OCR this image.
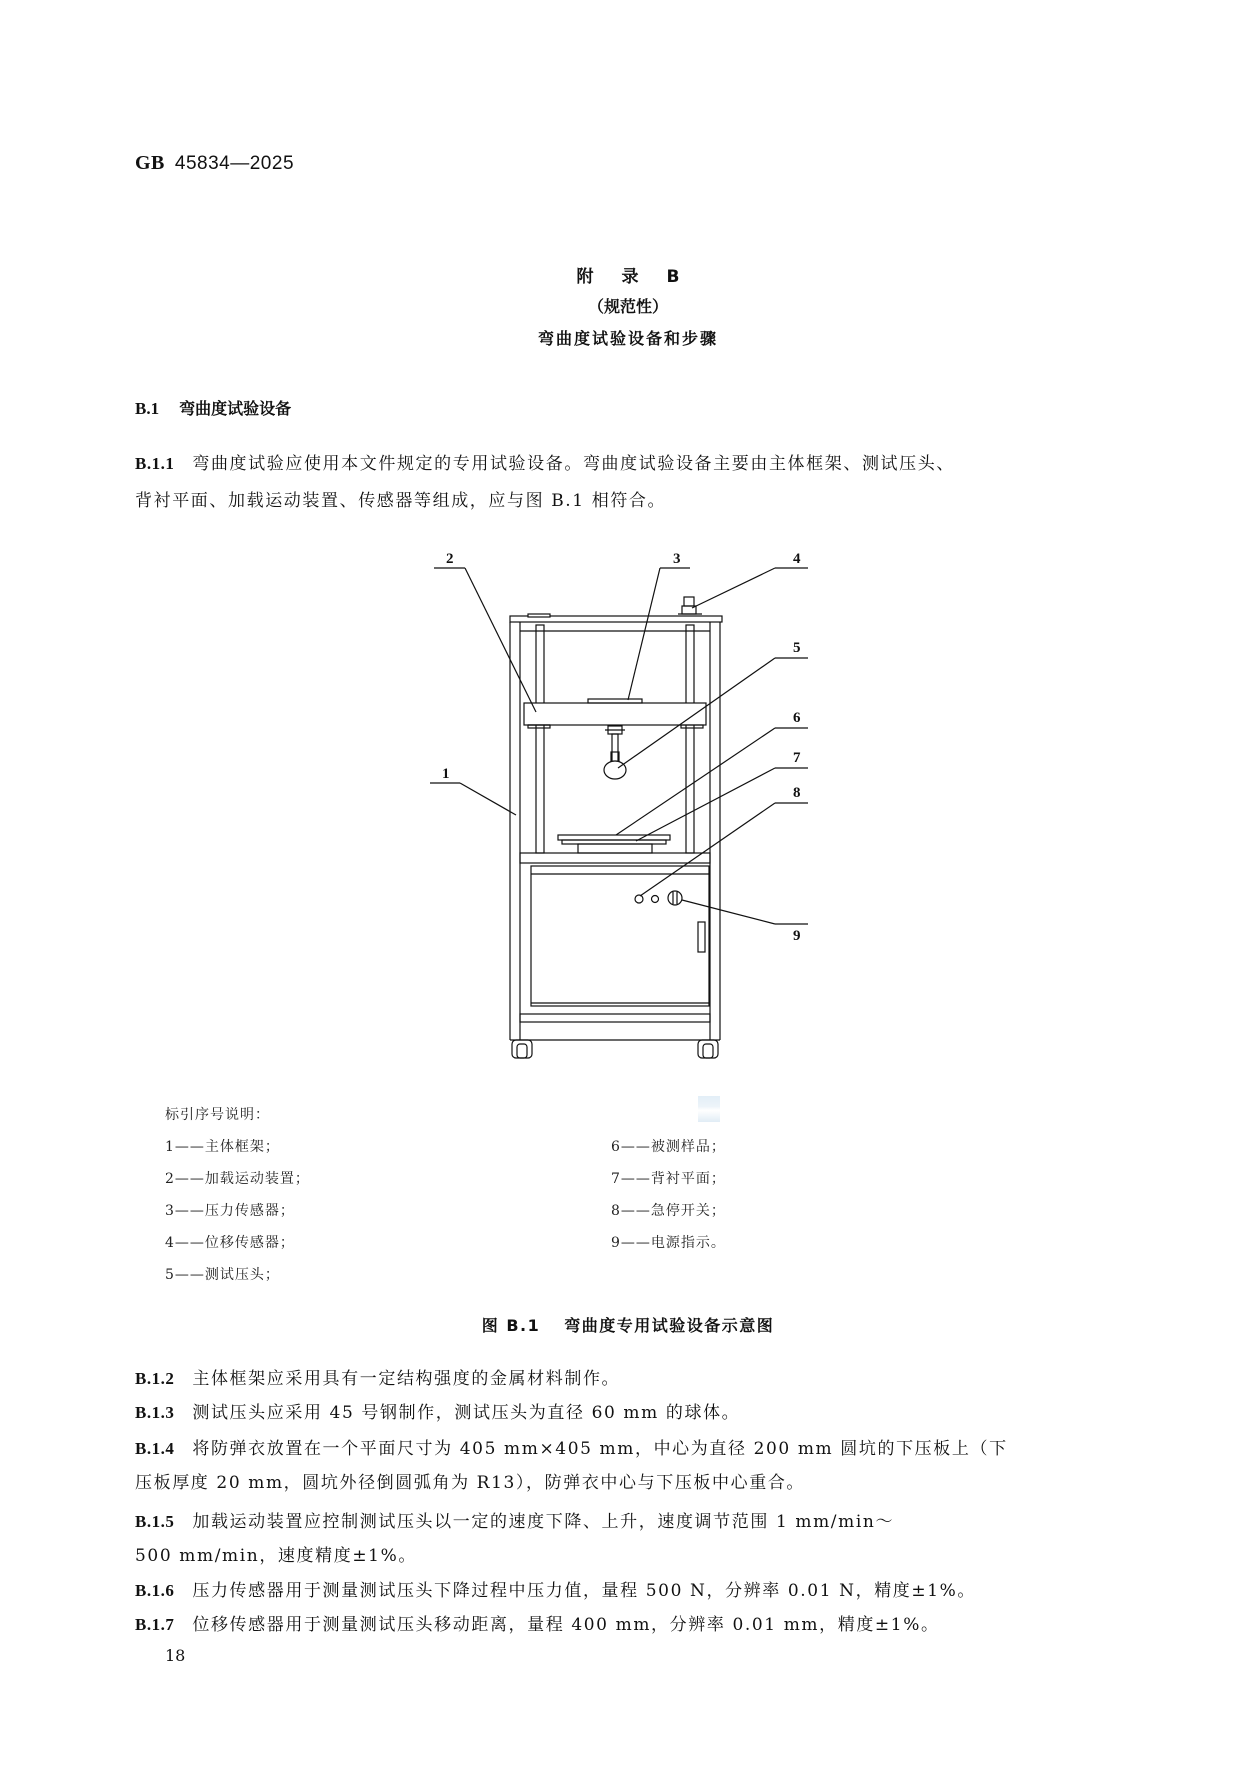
GB 45834—2025
附 录 B
（规范性）
弯曲度试验设备和步骤
B.1 弯曲度试验设备
B.1.1 弯曲度试验应使用本文件规定的专用试验设备。弯曲度试验设备主要由主体框架、测试压头、
背衬平面、加载运动装置、传感器等组成，应与图 B.1 相符合。
2	3	4
5
6
7
8
9
1
标引序号说明：
1——主体框架；
2——加载运动装置；
3——压力传感器；
4——位移传感器；
5——测试压头；
6——被测样品；
7——背衬平面；
8——急停开关；
9——电源指示。
图 B.1 弯曲度专用试验设备示意图
B.1.2 主体框架应采用具有一定结构强度的金属材料制作。
B.1.3 测试压头应采用 45 号钢制作，测试压头为直径 60 mm 的球体。
B.1.4 将防弹衣放置在一个平面尺寸为 405 mm×405 mm，中心为直径 200 mm 圆坑的下压板上（下
压板厚度 20 mm，圆坑外径倒圆弧角为 R13），防弹衣中心与下压板中心重合。
B.1.5 加载运动装置应控制测试压头以一定的速度下降、上升，速度调节范围 1 mm/min～
500 mm/min，速度精度±1%。
B.1.6 压力传感器用于测量测试压头下降过程中压力值，量程 500 N，分辨率 0.01 N，精度±1%。
B.1.7 位移传感器用于测量测试压头移动距离，量程 400 mm，分辨率 0.01 mm，精度±1%。
18
